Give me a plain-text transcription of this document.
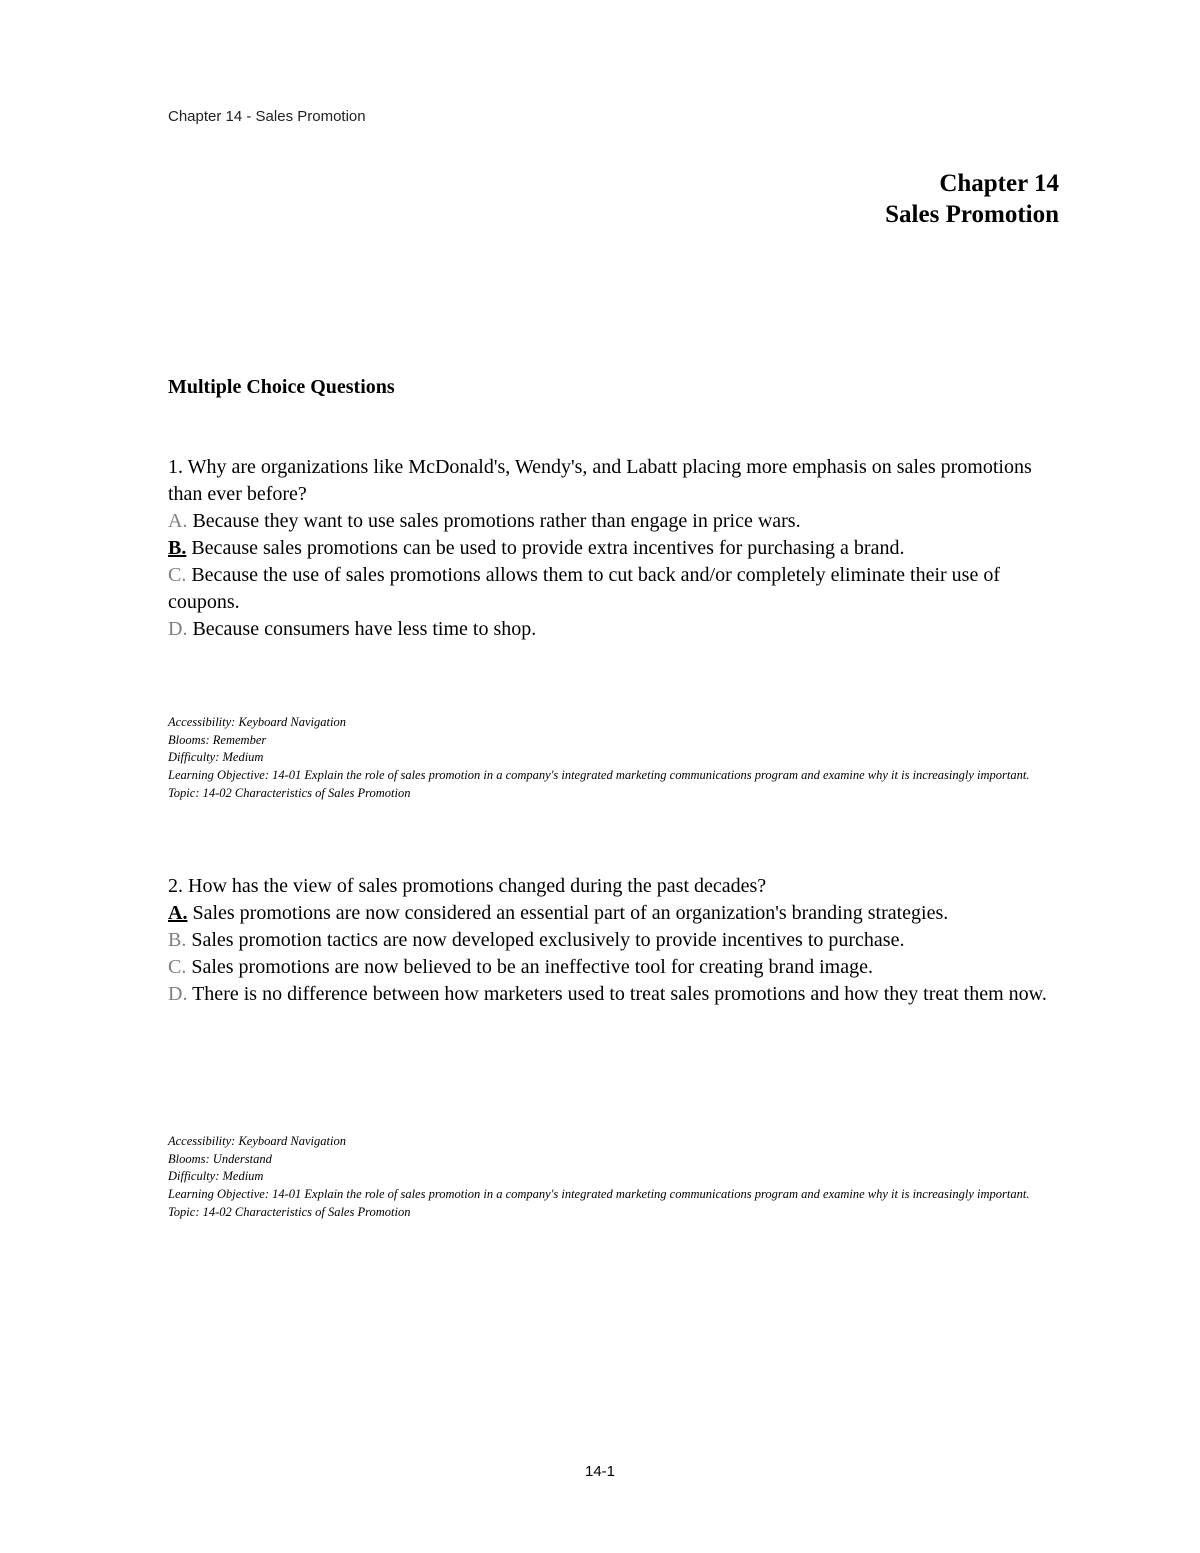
Chapter 14 - Sales Promotion
Chapter 14
Sales Promotion
Multiple Choice Questions
1. Why are organizations like McDonald's, Wendy's, and Labatt placing more emphasis on sales promotions than ever before?
A. Because they want to use sales promotions rather than engage in price wars.
B. Because sales promotions can be used to provide extra incentives for purchasing a brand.
C. Because the use of sales promotions allows them to cut back and/or completely eliminate their use of coupons.
D. Because consumers have less time to shop.
Accessibility: Keyboard Navigation
Blooms: Remember
Difficulty: Medium
Learning Objective: 14-01 Explain the role of sales promotion in a company's integrated marketing communications program and examine why it is increasingly important.
Topic: 14-02 Characteristics of Sales Promotion
2. How has the view of sales promotions changed during the past decades?
A. Sales promotions are now considered an essential part of an organization's branding strategies.
B. Sales promotion tactics are now developed exclusively to provide incentives to purchase.
C. Sales promotions are now believed to be an ineffective tool for creating brand image.
D. There is no difference between how marketers used to treat sales promotions and how they treat them now.
Accessibility: Keyboard Navigation
Blooms: Understand
Difficulty: Medium
Learning Objective: 14-01 Explain the role of sales promotion in a company's integrated marketing communications program and examine why it is increasingly important.
Topic: 14-02 Characteristics of Sales Promotion
14-1
